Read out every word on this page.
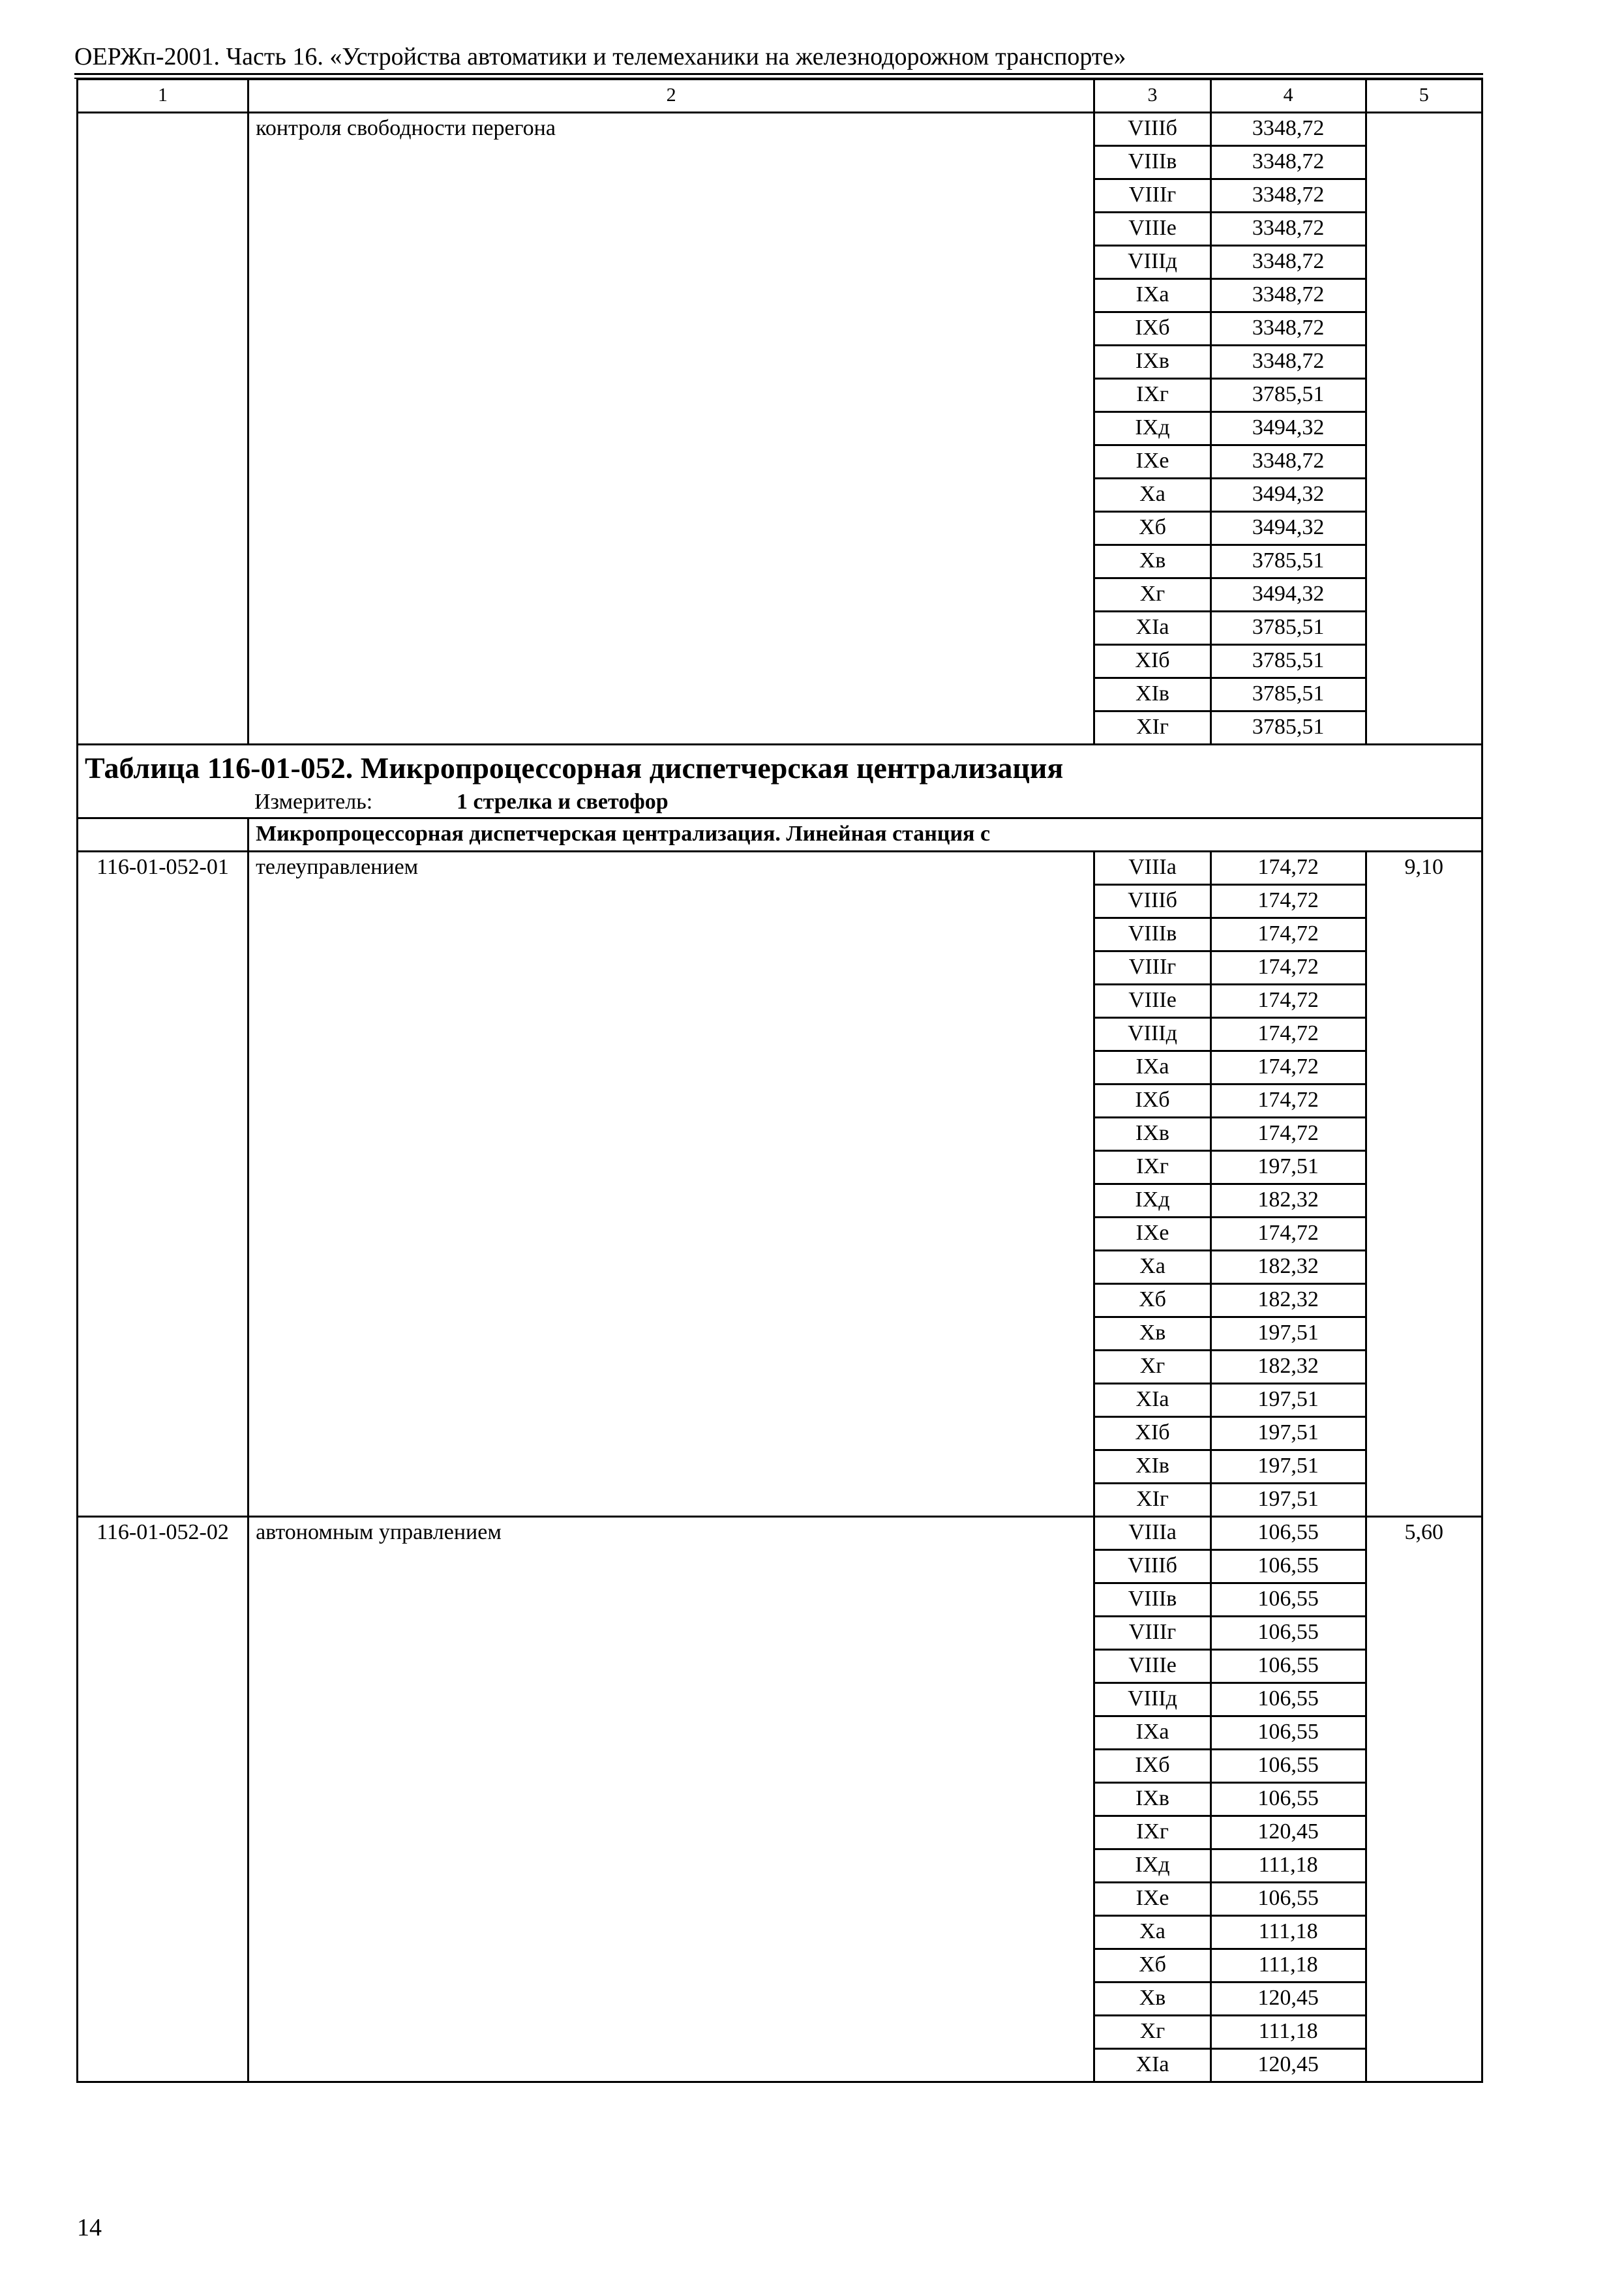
ОЕРЖп-2001. Часть 16. «Устройства автоматики и телемеханики на железнодорожном транспорте»
1	2	3	4	5
	контроля свободности перегона	VIIIб	3348,72	
		VIIIв	3348,72	
		VIIIг	3348,72	
		VIIIе	3348,72	
		VIIIд	3348,72	
		IXа	3348,72	
		IXб	3348,72	
		IXв	3348,72	
		IXг	3785,51	
		IXд	3494,32	
		IXе	3348,72	
		Xа	3494,32	
		Xб	3494,32	
		Xв	3785,51	
		Xг	3494,32	
		XIа	3785,51	
		XIб	3785,51	
		XIв	3785,51	
		XIг	3785,51	

Таблица 116-01-052. Микропроцессорная диспетчерская централизация
Измеритель: 1 стрелка и светофор				

	Микропроцессорная диспетчерская централизация. Линейная станция с			
116-01-052-01	телеуправлением	VIIIа	174,72	9,10
		VIIIб	174,72	
		VIIIв	174,72	
		VIIIг	174,72	
		VIIIе	174,72	
		VIIIд	174,72	
		IXа	174,72	
		IXб	174,72	
		IXв	174,72	
		IXг	197,51	
		IXд	182,32	
		IXе	174,72	
		Xа	182,32	
		Xб	182,32	
		Xв	197,51	
		Xг	182,32	
		XIа	197,51	
		XIб	197,51	
		XIв	197,51	
		XIг	197,51	
116-01-052-02	автономным управлением	VIIIа	106,55	5,60
		VIIIб	106,55	
		VIIIв	106,55	
		VIIIг	106,55	
		VIIIе	106,55	
		VIIIд	106,55	
		IXа	106,55	
		IXб	106,55	
		IXв	106,55	
		IXг	120,45	
		IXд	111,18	
		IXе	106,55	
		Xа	111,18	
		Xб	111,18	
		Xв	120,45	
		Xг	111,18	
		XIа	120,45	
14
